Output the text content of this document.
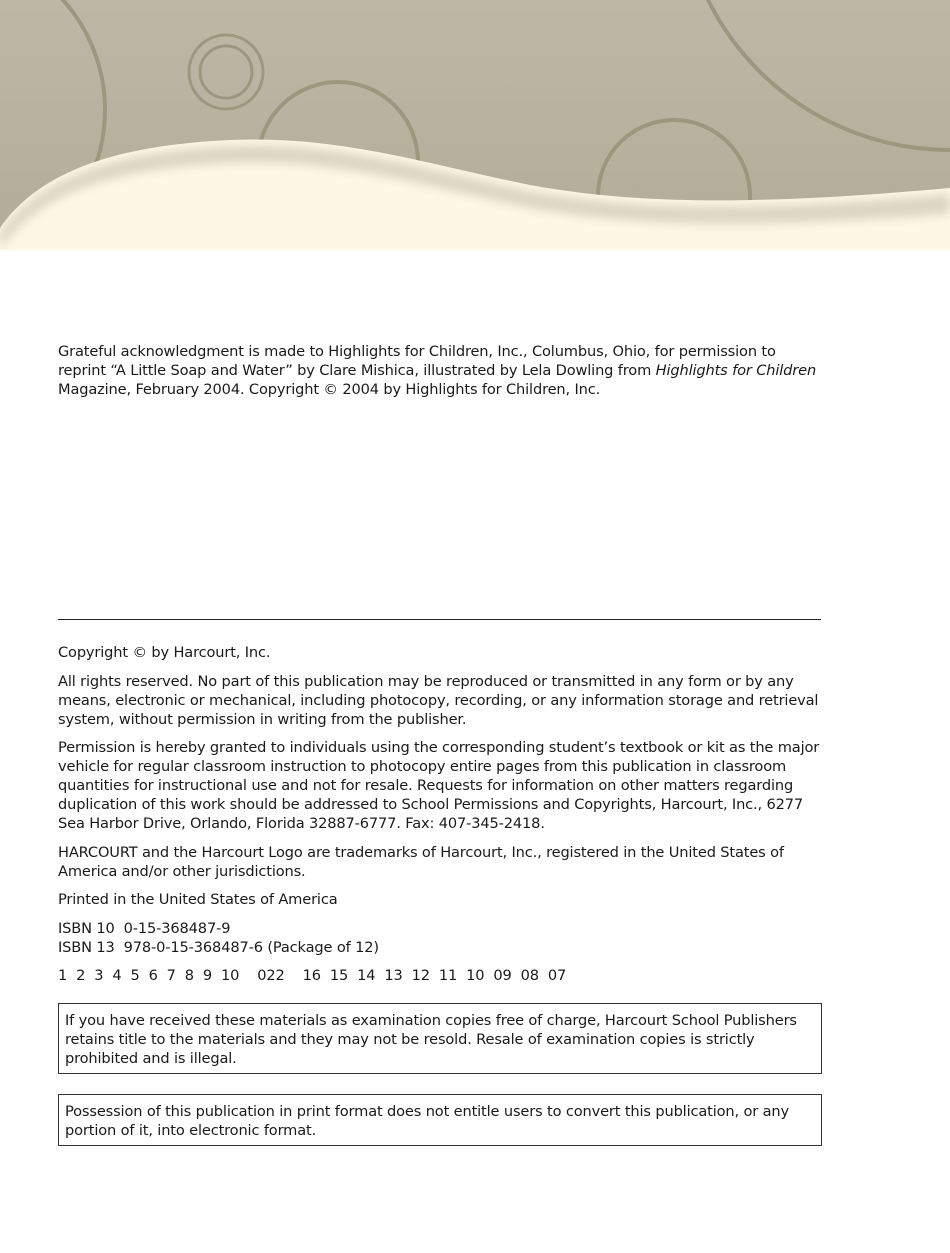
Grateful acknowledgment is made to Highlights for Children, Inc., Columbus, Ohio, for permission to reprint “A Little Soap and Water” by Clare Mishica, illustrated by Lela Dowling from Highlights for Children Magazine, February 2004. Copyright © 2004 by Highlights for Children, Inc.

Copyright © by Harcourt, Inc.

All rights reserved. No part of this publication may be reproduced or transmitted in any form or by any means, electronic or mechanical, including photocopy, recording, or any information storage and retrieval system, without permission in writing from the publisher.

Permission is hereby granted to individuals using the corresponding student’s textbook or kit as the major vehicle for regular classroom instruction to photocopy entire pages from this publication in classroom quantities for instructional use and not for resale. Requests for information on other matters regarding duplication of this work should be addressed to School Permissions and Copyrights, Harcourt, Inc., 6277 Sea Harbor Drive, Orlando, Florida 32887-6777. Fax: 407-345-2418.

HARCOURT and the Harcourt Logo are trademarks of Harcourt, Inc., registered in the United States of America and/or other jurisdictions.

Printed in the United States of America

ISBN 10  0-15-368487-9
ISBN 13  978-0-15-368487-6 (Package of 12)

1  2  3  4  5  6  7  8  9  10    022    16  15  14  13  12  11  10  09  08  07

If you have received these materials as examination copies free of charge, Harcourt School Publishers retains title to the materials and they may not be resold. Resale of examination copies is strictly prohibited and is illegal.
Possession of this publication in print format does not entitle users to convert this publication, or any portion of it, into electronic format.
